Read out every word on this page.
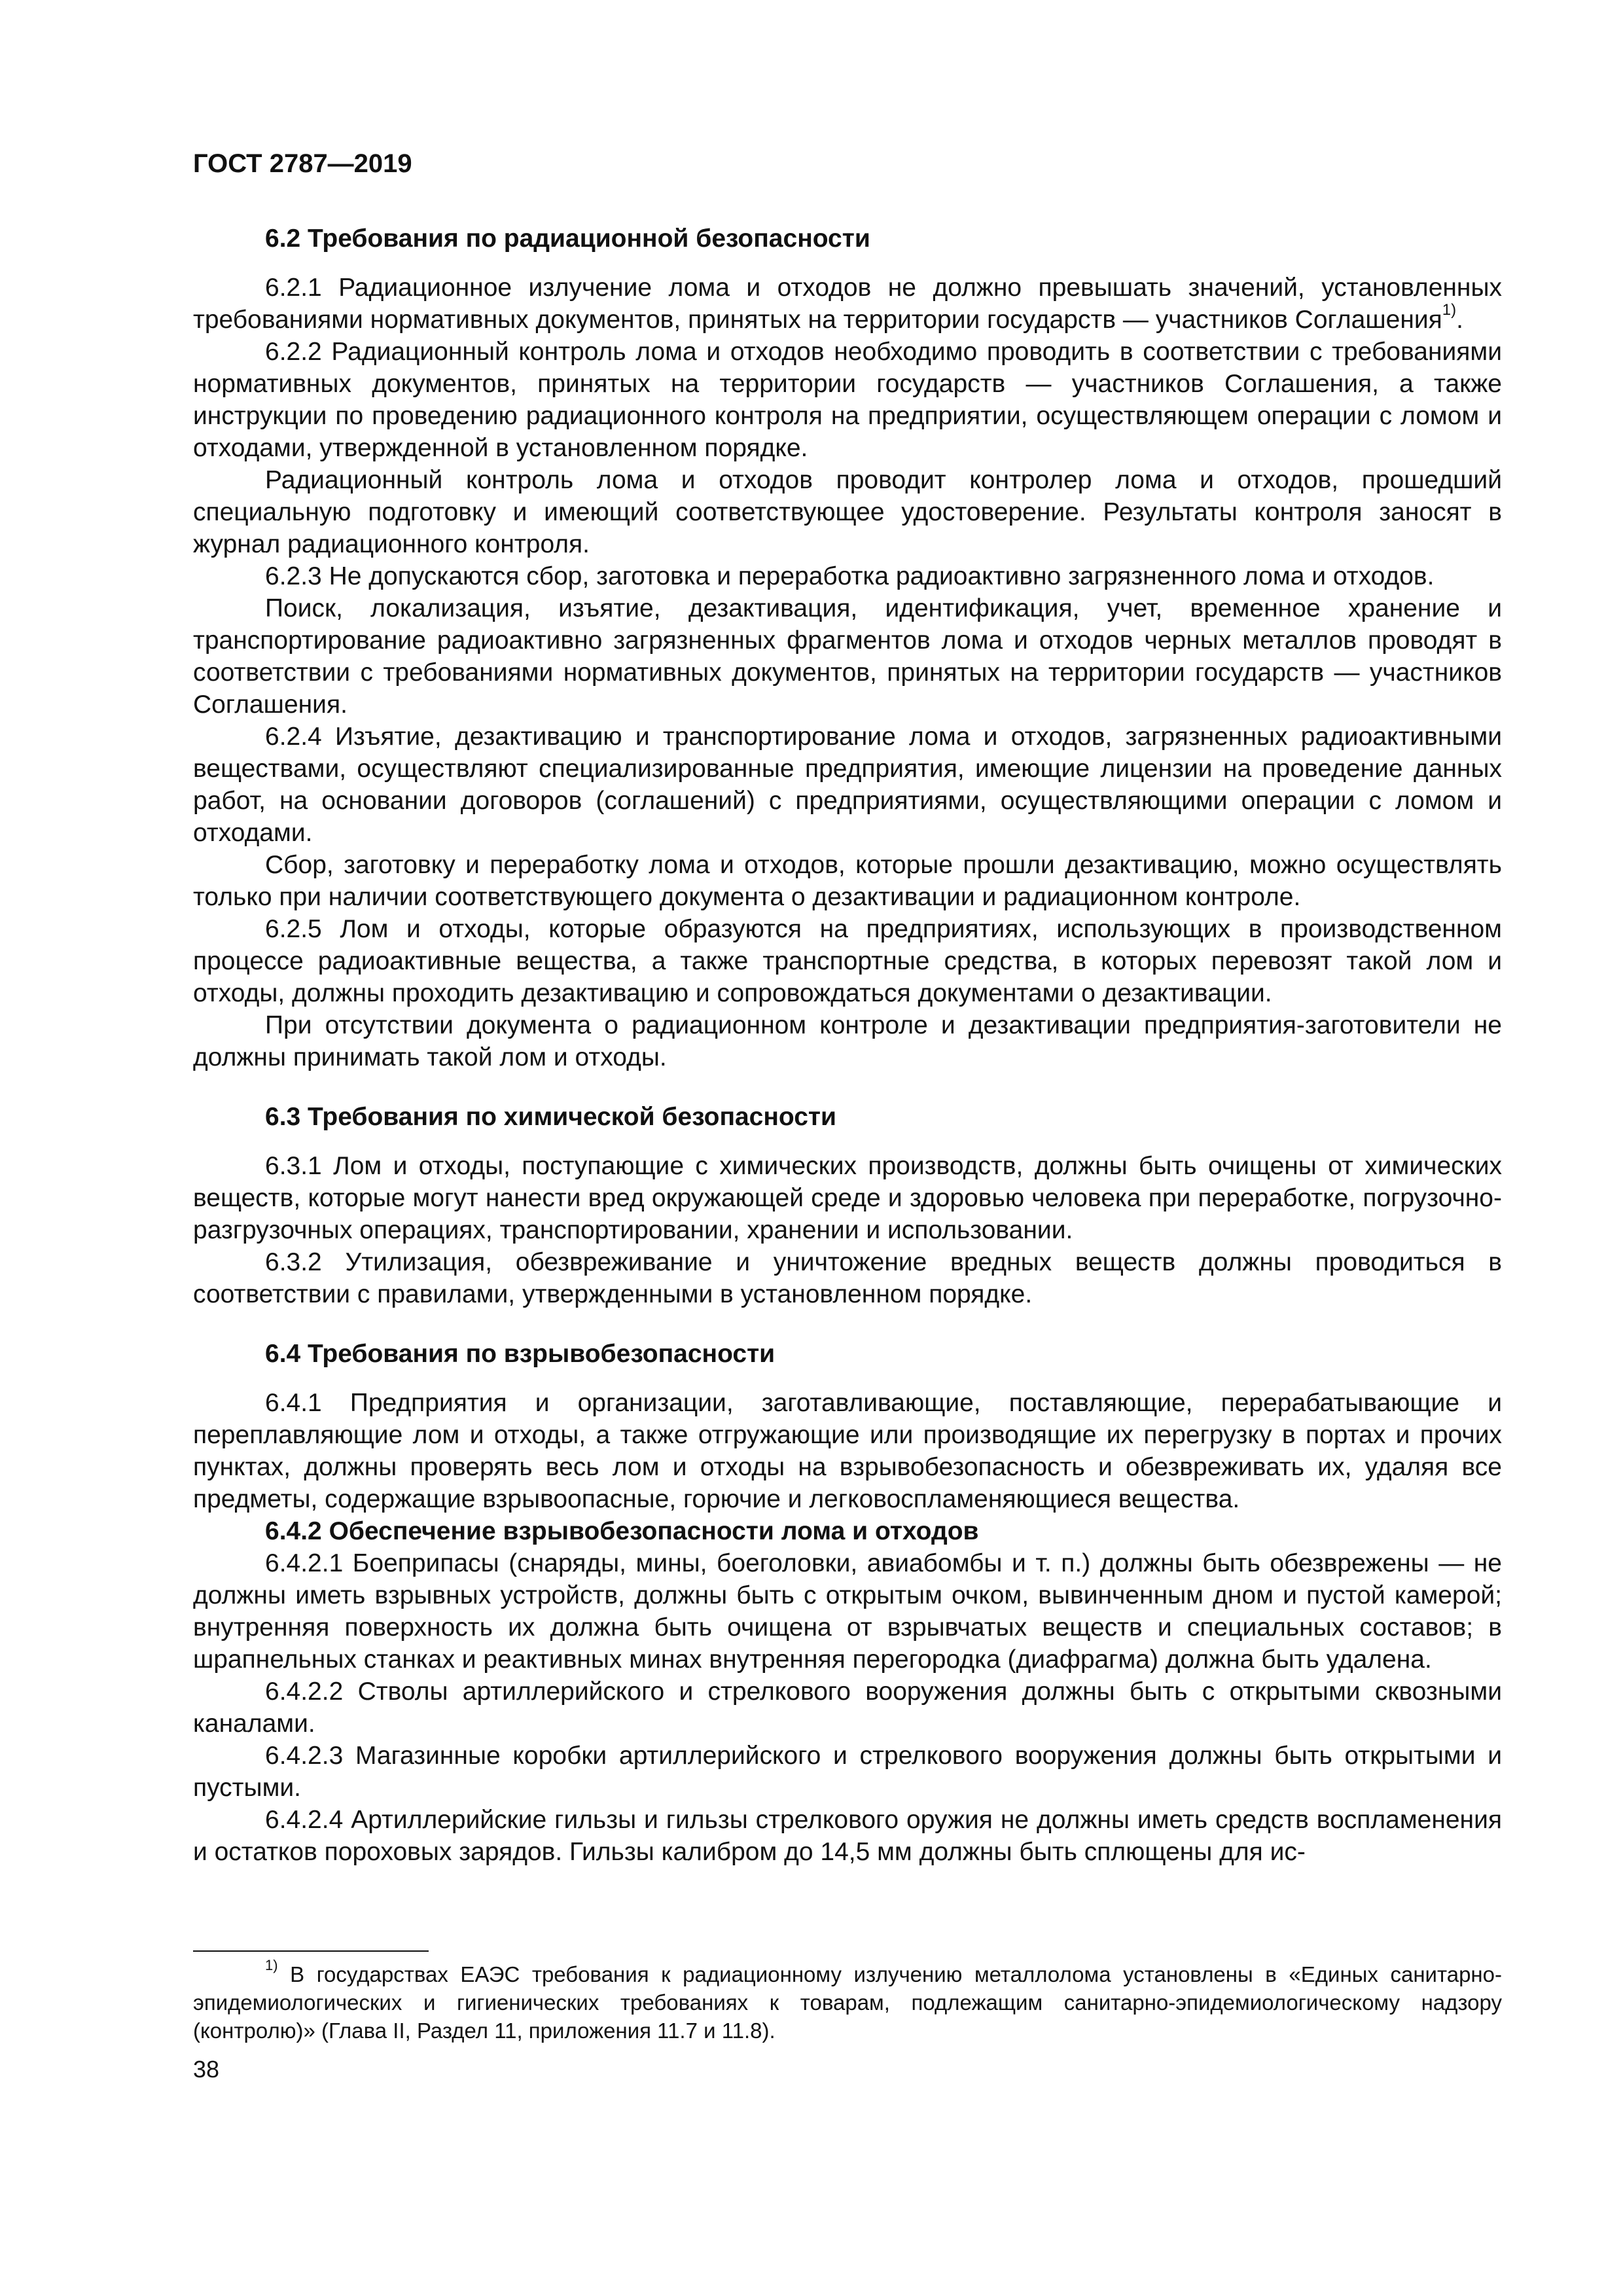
ГОСТ 2787—2019
6.2 Требования по радиационной безопасности

6.2.1 Радиационное излучение лома и отходов не должно превышать значений, установленных требованиями нормативных документов, принятых на территории государств — участников Соглашения$^{1)}$.

6.2.2 Радиационный контроль лома и отходов необходимо проводить в соответствии с требованиями нормативных документов, принятых на территории государств — участников Соглашения, а также инструкции по проведению радиационного контроля на предприятии, осуществляющем операции с ломом и отходами, утвержденной в установленном порядке.

Радиационный контроль лома и отходов проводит контролер лома и отходов, прошедший специальную подготовку и имеющий соответствующее удостоверение. Результаты контроля заносят в журнал радиационного контроля.

6.2.3 Не допускаются сбор, заготовка и переработка радиоактивно загрязненного лома и отходов.

Поиск, локализация, изъятие, дезактивация, идентификация, учет, временное хранение и транспортирование радиоактивно загрязненных фрагментов лома и отходов черных металлов проводят в соответствии с требованиями нормативных документов, принятых на территории государств — участников Соглашения.

6.2.4 Изъятие, дезактивацию и транспортирование лома и отходов, загрязненных радиоактивными веществами, осуществляют специализированные предприятия, имеющие лицензии на проведение данных работ, на основании договоров (соглашений) с предприятиями, осуществляющими операции с ломом и отходами.

Сбор, заготовку и переработку лома и отходов, которые прошли дезактивацию, можно осуществлять только при наличии соответствующего документа о дезактивации и радиационном контроле.

6.2.5 Лом и отходы, которые образуются на предприятиях, использующих в производственном процессе радиоактивные вещества, а также транспортные средства, в которых перевозят такой лом и отходы, должны проходить дезактивацию и сопровождаться документами о дезактивации.

При отсутствии документа о радиационном контроле и дезактивации предприятия-заготовители не должны принимать такой лом и отходы.

6.3 Требования по химической безопасности

6.3.1 Лом и отходы, поступающие с химических производств, должны быть очищены от химических веществ, которые могут нанести вред окружающей среде и здоровью человека при переработке, погрузочно-разгрузочных операциях, транспортировании, хранении и использовании.

6.3.2 Утилизация, обезвреживание и уничтожение вредных веществ должны проводиться в соответствии с правилами, утвержденными в установленном порядке.

6.4 Требования по взрывобезопасности

6.4.1 Предприятия и организации, заготавливающие, поставляющие, перерабатывающие и переплавляющие лом и отходы, а также отгружающие или производящие их перегрузку в портах и прочих пунктах, должны проверять весь лом и отходы на взрывобезопасность и обезвреживать их, удаляя все предметы, содержащие взрывоопасные, горючие и легковоспламеняющиеся вещества.

6.4.2 Обеспечение взрывобезопасности лома и отходов

6.4.2.1 Боеприпасы (снаряды, мины, боеголовки, авиабомбы и т. п.) должны быть обезврежены — не должны иметь взрывных устройств, должны быть с открытым очком, вывинченным дном и пустой камерой; внутренняя поверхность их должна быть очищена от взрывчатых веществ и специальных составов; в шрапнельных станках и реактивных минах внутренняя перегородка (диафрагма) должна быть удалена.

6.4.2.2 Стволы артиллерийского и стрелкового вооружения должны быть с открытыми сквозными каналами.

6.4.2.3 Магазинные коробки артиллерийского и стрелкового вооружения должны быть открытыми и пустыми.

6.4.2.4 Артиллерийские гильзы и гильзы стрелкового оружия не должны иметь средств воспламенения и остатков пороховых зарядов. Гильзы калибром до 14,5 мм должны быть сплющены для ис-

$^{1)}$ В государствах ЕАЭС требования к радиационному излучению металлолома установлены в «Единых санитарно-эпидемиологических и гигиенических требованиях к товарам, подлежащим санитарно-эпидемиологическому надзору (контролю)» (Глава II, Раздел 11, приложения 11.7 и 11.8).

38
